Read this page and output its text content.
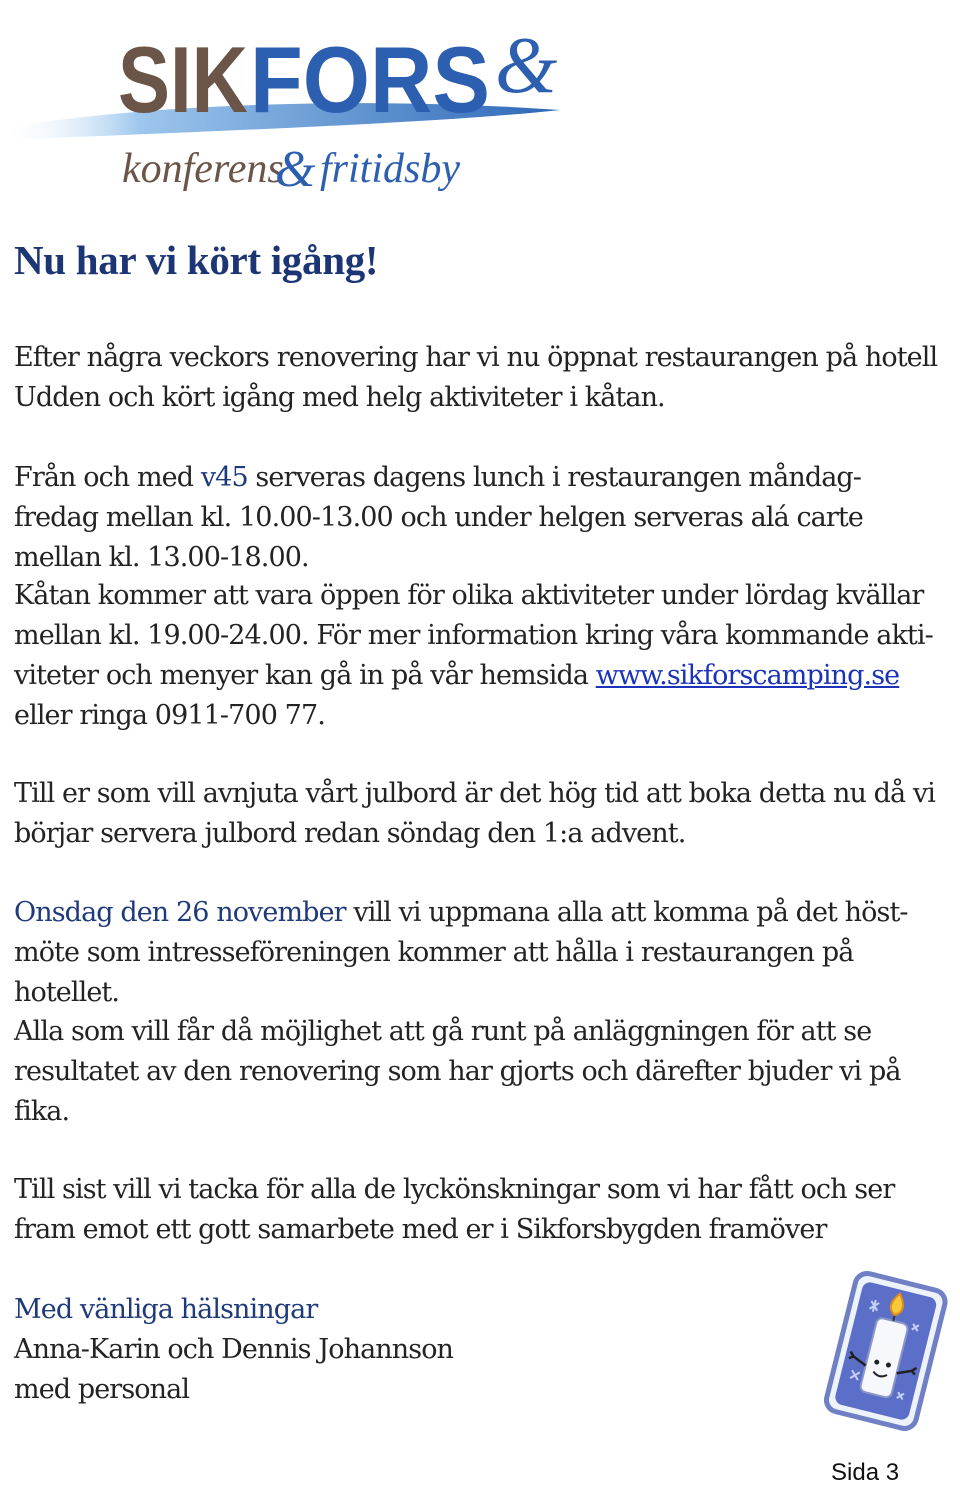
SIK FORS &
konferens
& fritidsby
Nu har vi kört igång!

Efter några veckors renovering har vi nu öppnat restaurangen på hotell Udden och kört igång med helg aktiviteter i kåtan.

Från och med v45 serveras dagens lunch i restaurangen måndag-fredag mellan kl. 10.00-13.00 och under helgen serveras alá carte mellan kl. 13.00-18.00.

Kåtan kommer att vara öppen för olika aktiviteter under lördag kvällar mellan kl. 19.00-24.00. För mer information kring våra kommande akti-viteter och menyer kan gå in på vår hemsida www.sikforscamping.se eller ringa 0911-700 77.

Till er som vill avnjuta vårt julbord är det hög tid att boka detta nu då vi börjar servera julbord redan söndag den 1:a advent.

Onsdag den 26 november vill vi uppmana alla att komma på det höst-möte som intresseföreningen kommer att hålla i restaurangen på hotellet.

Alla som vill får då möjlighet att gå runt på anläggningen för att se resultatet av den renovering som har gjorts och därefter bjuder vi på fika.

Till sist vill vi tacka för alla de lyckönskningar som vi har fått och ser fram emot ett gott samarbete med er i Sikforsbygden framöver

Med vänliga hälsningar

Anna-Karin och Dennis Johannson

med personal

Sida 3
